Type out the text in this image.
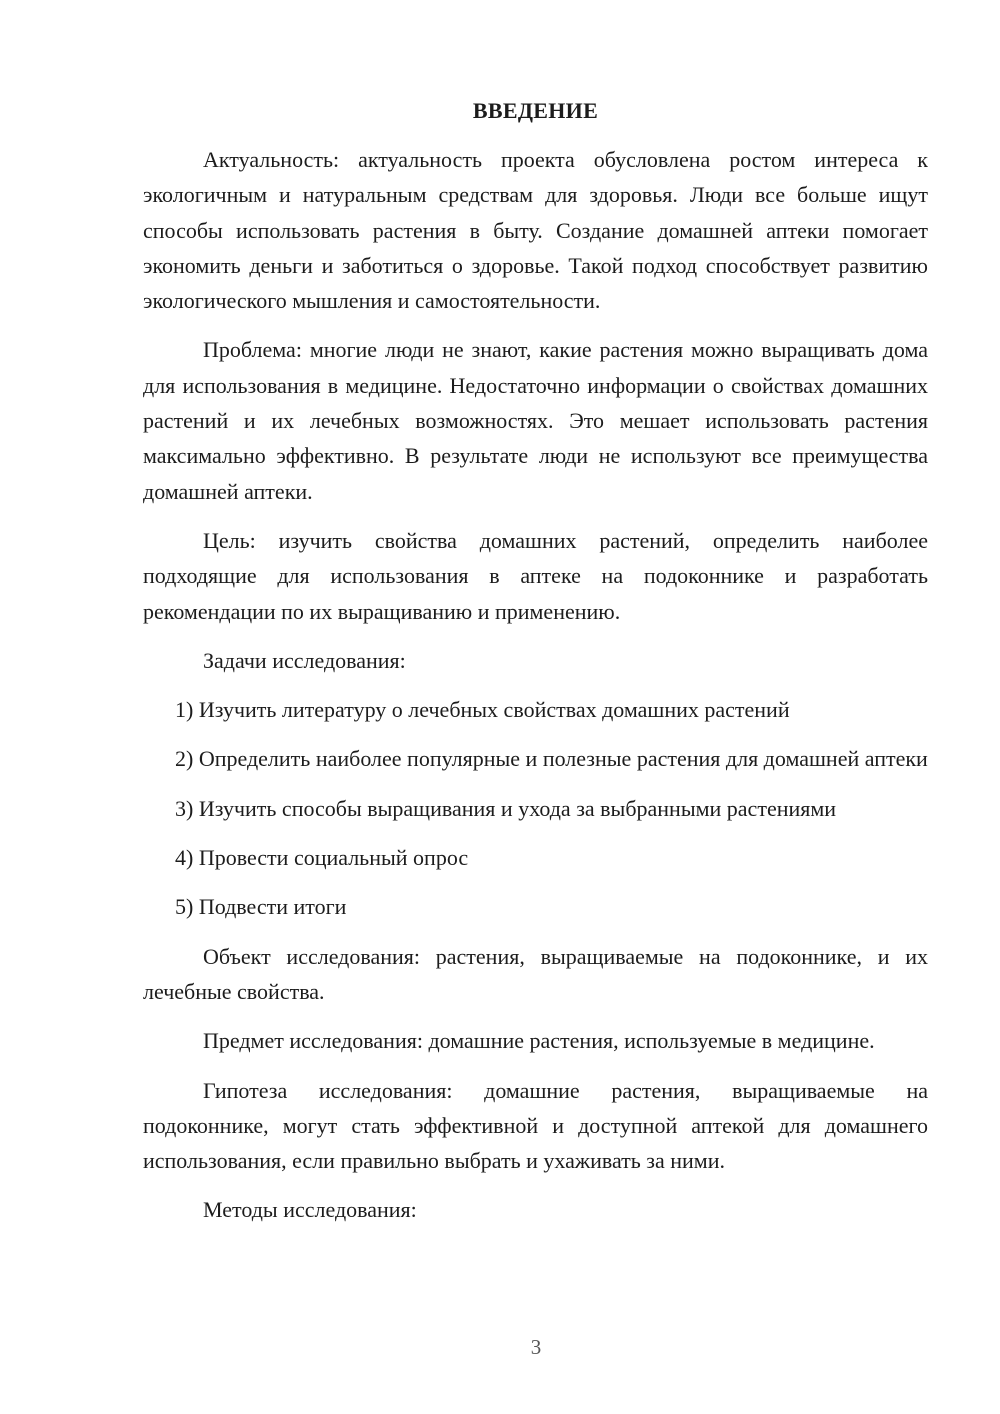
ВВЕДЕНИЕ

Актуальность: актуальность проекта обусловлена ростом интереса к экологичным и натуральным средствам для здоровья. Люди все больше ищут способы использовать растения в быту. Создание домашней аптеки помогает экономить деньги и заботиться о здоровье. Такой подход способствует развитию экологического мышления и самостоятельности.

Проблема: многие люди не знают, какие растения можно выращивать дома для использования в медицине. Недостаточно информации о свойствах домашних растений и их лечебных возможностях. Это мешает использовать растения максимально эффективно. В результате люди не используют все преимущества домашней аптеки.

Цель: изучить свойства домашних растений, определить наиболее подходящие для использования в аптеке на подоконнике и разработать рекомендации по их выращиванию и применению.

Задачи исследования:

1) Изучить литературу о лечебных свойствах домашних растений

2) Определить наиболее популярные и полезные растения для домашней аптеки

3) Изучить способы выращивания и ухода за выбранными растениями

4) Провести социальный опрос

5) Подвести итоги

Объект исследования: растения, выращиваемые на подоконнике, и их лечебные свойства.

Предмет исследования: домашние растения, используемые в медицине.

Гипотеза исследования: домашние растения, выращиваемые на подоконнике, могут стать эффективной и доступной аптекой для домашнего использования, если правильно выбрать и ухаживать за ними.

Методы исследования:

3
